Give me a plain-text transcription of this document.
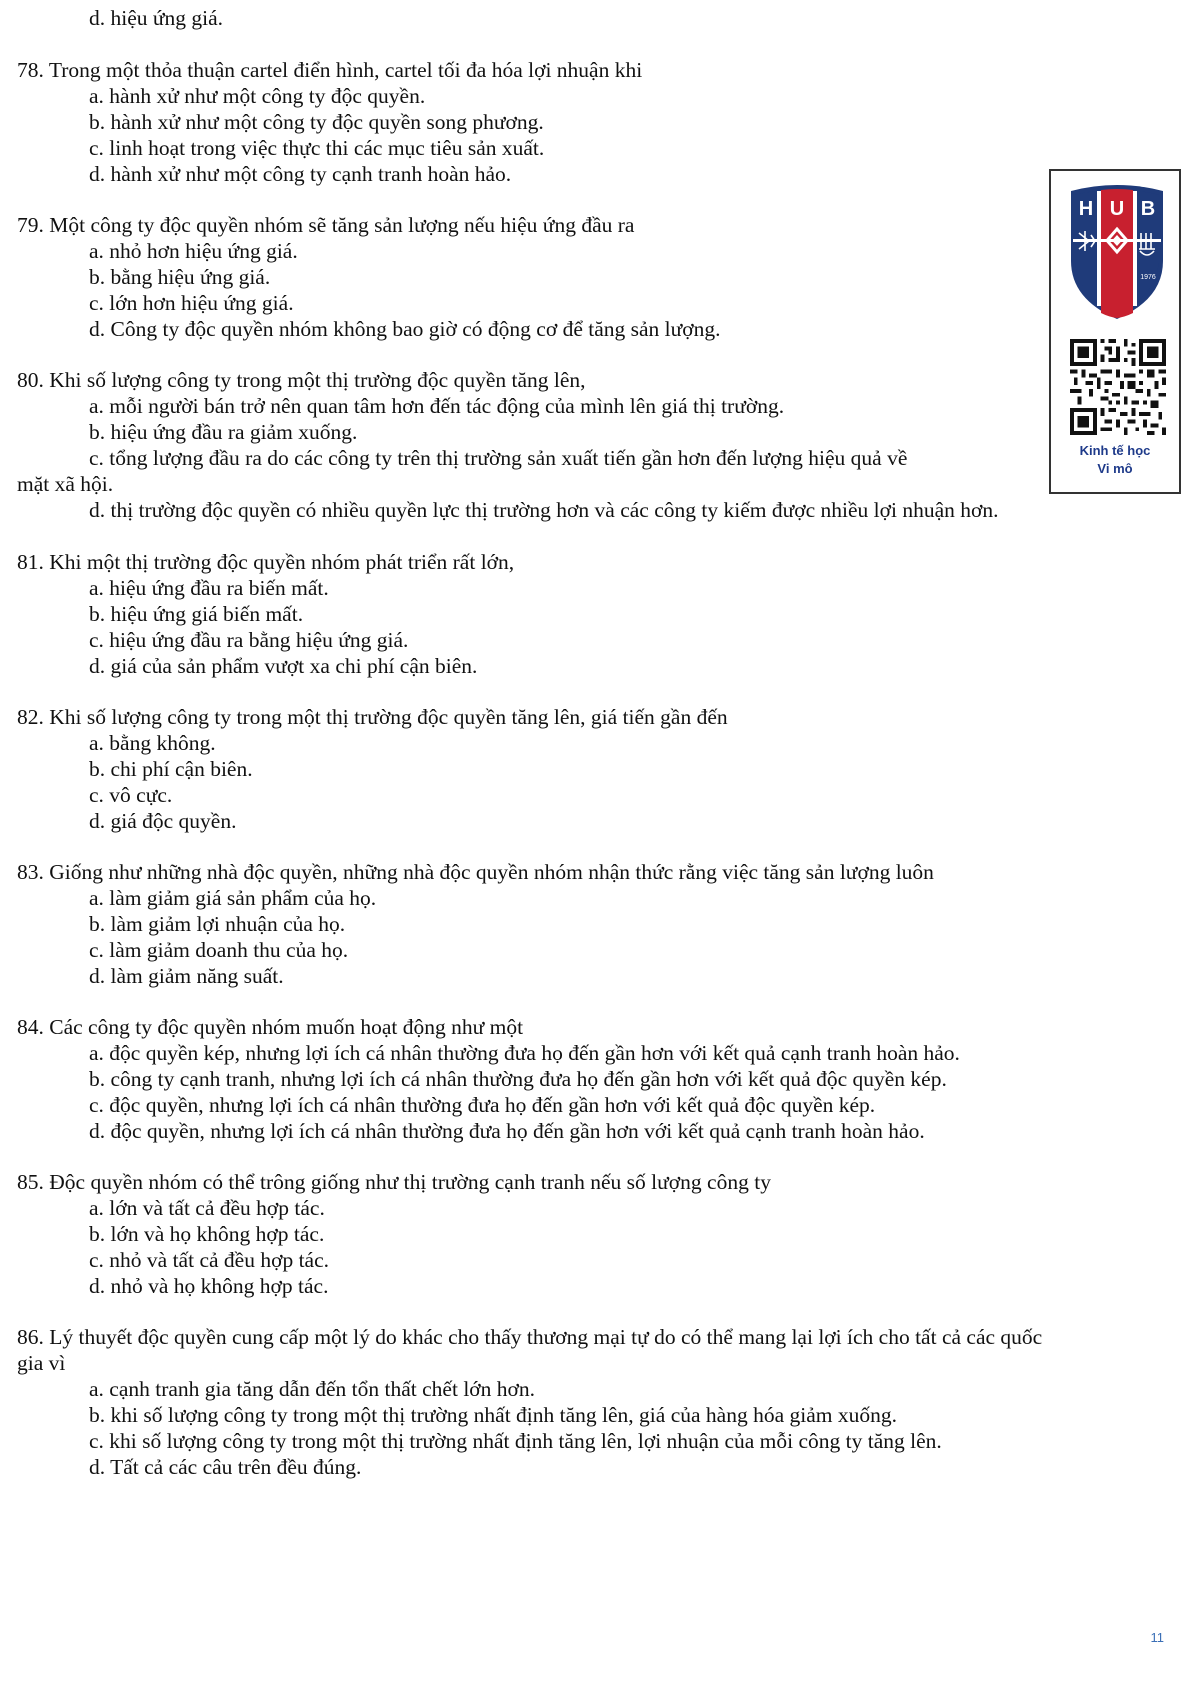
d. hiệu ứng giá.
78. Trong một thỏa thuận cartel điển hình, cartel tối đa hóa lợi nhuận khi
a. hành xử như một công ty độc quyền.
b. hành xử như một công ty độc quyền song phương.
c. linh hoạt trong việc thực thi các mục tiêu sản xuất.
d. hành xử như một công ty cạnh tranh hoàn hảo.
79. Một công ty độc quyền nhóm sẽ tăng sản lượng nếu hiệu ứng đầu ra
a. nhỏ hơn hiệu ứng giá.
b. bằng hiệu ứng giá.
c. lớn hơn hiệu ứng giá.
d. Công ty độc quyền nhóm không bao giờ có động cơ để tăng sản lượng.
80. Khi số lượng công ty trong một thị trường độc quyền tăng lên,
a. mỗi người bán trở nên quan tâm hơn đến tác động của mình lên giá thị trường.
b. hiệu ứng đầu ra giảm xuống.
c. tổng lượng đầu ra do các công ty trên thị trường sản xuất tiến gần hơn đến lượng hiệu quả về
mặt xã hội.
d. thị trường độc quyền có nhiều quyền lực thị trường hơn và các công ty kiếm được nhiều lợi nhuận hơn.
81. Khi một thị trường độc quyền nhóm phát triển rất lớn,
a. hiệu ứng đầu ra biến mất.
b. hiệu ứng giá biến mất.
c. hiệu ứng đầu ra bằng hiệu ứng giá.
d. giá của sản phẩm vượt xa chi phí cận biên.
82. Khi số lượng công ty trong một thị trường độc quyền tăng lên, giá tiến gần đến
a. bằng không.
b. chi phí cận biên.
c. vô cực.
d. giá độc quyền.
83. Giống như những nhà độc quyền, những nhà độc quyền nhóm nhận thức rằng việc tăng sản lượng luôn
a. làm giảm giá sản phẩm của họ.
b. làm giảm lợi nhuận của họ.
c. làm giảm doanh thu của họ.
d. làm giảm năng suất.
84. Các công ty độc quyền nhóm muốn hoạt động như một
a. độc quyền kép, nhưng lợi ích cá nhân thường đưa họ đến gần hơn với kết quả cạnh tranh hoàn hảo.
b. công ty cạnh tranh, nhưng lợi ích cá nhân thường đưa họ đến gần hơn với kết quả độc quyền kép.
c. độc quyền, nhưng lợi ích cá nhân thường đưa họ đến gần hơn với kết quả độc quyền kép.
d. độc quyền, nhưng lợi ích cá nhân thường đưa họ đến gần hơn với kết quả cạnh tranh hoàn hảo.
85. Độc quyền nhóm có thể trông giống như thị trường cạnh tranh nếu số lượng công ty
a. lớn và tất cả đều hợp tác.
b. lớn và họ không hợp tác.
c. nhỏ và tất cả đều hợp tác.
d. nhỏ và họ không hợp tác.
86. Lý thuyết độc quyền cung cấp một lý do khác cho thấy thương mại tự do có thể mang lại lợi ích cho tất cả các quốc
gia vì
a. cạnh tranh gia tăng dẫn đến tổn thất chết lớn hơn.
b. khi số lượng công ty trong một thị trường nhất định tăng lên, giá của hàng hóa giảm xuống.
c. khi số lượng công ty trong một thị trường nhất định tăng lên, lợi nhuận của mỗi công ty tăng lên.
d. Tất cả các câu trên đều đúng.
H U B
1976
Kinh tế học
Vi mô
11
